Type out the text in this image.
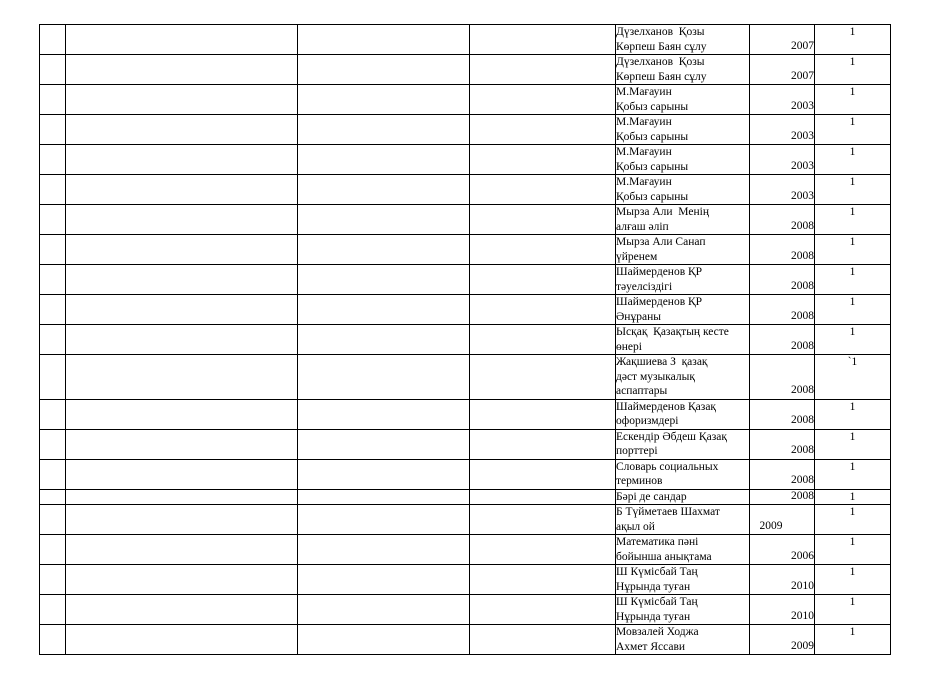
				Дүзелханов  Қозы
Көрпеш Баян сұлу	2007	1

				Дүзелханов  Қозы
Көрпеш Баян сұлу	2007	1

				М.Мағауин
Қобыз сарыны	2003	1

				М.Мағауин
Қобыз сарыны	2003	1

				М.Мағауин
Қобыз сарыны	2003	1

				М.Мағауин
Қобыз сарыны	2003	1

				Мырза Али  Менің
алғаш әліп	2008	1

				Мырза Али Санап
үйренем	2008	1

				Шаймерденов ҚР
тәуелсіздігі	2008	1

				Шаймерденов ҚР
Әнұраны	2008	1

				Ысқақ  Қазақтың кесте
өнері	2008	1

				Жақшиева З  қазақ
дәст музыкалық
аспаптары	2008	`1

				Шаймерденов Қазақ
офоризмдері	2008	1

				Ескендір Әбдеш Қазақ
порттері	2008	1

				Словарь социальных
терминов	2008	1

				Бәрі де сандар	2008	1

				Б Түйметаев Шахмат
ақыл ой	2009	1

				Математика пәні
бойынша анықтама	2006	1

				Ш Күмісбай Таң
Нұрында туған	2010	1

				Ш Күмісбай Таң
Нұрында туған	2010	1

				Мовзалей Ходжа
Ахмет Яссави	2009	1
